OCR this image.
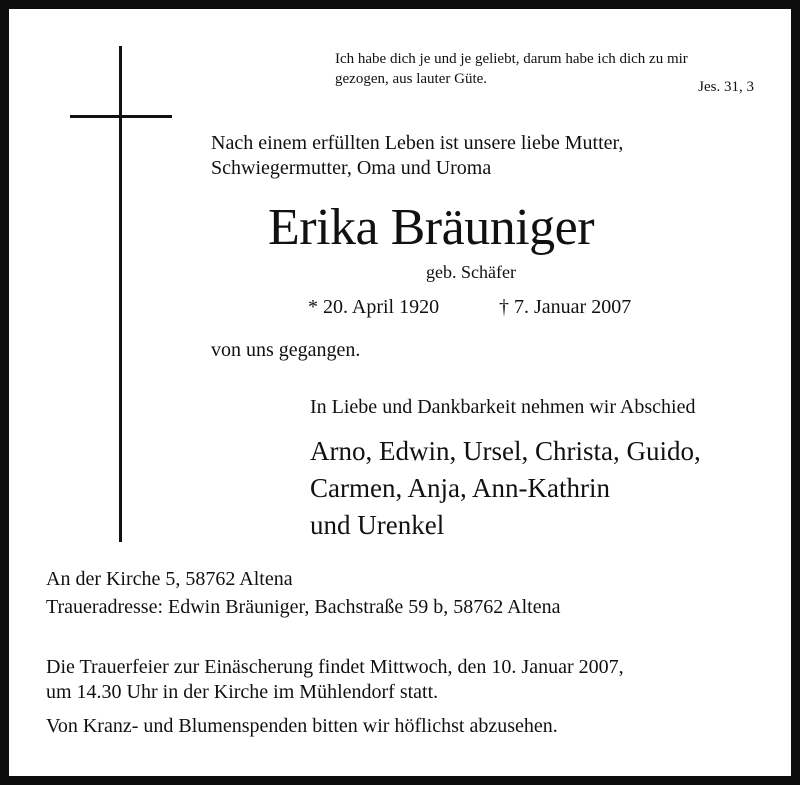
Ich habe dich je und je geliebt, darum habe ich dich zu mir
gezogen, aus lauter Güte.	Jes. 31, 3
Nach einem erfüllten Leben ist unsere liebe Mutter,
Schwiegermutter, Oma und Uroma
Erika Bräuniger
geb. Schäfer
* 20. April 1920	† 7. Januar 2007
von uns gegangen.
In Liebe und Dankbarkeit nehmen wir Abschied
Arno, Edwin, Ursel, Christa, Guido,
Carmen, Anja, Ann-Kathrin
und Urenkel
An der Kirche 5, 58762 Altena
Traueradresse: Edwin Bräuniger, Bachstraße 59 b, 58762 Altena
Die Trauerfeier zur Einäscherung findet Mittwoch, den 10. Januar 2007,
um 14.30 Uhr in der Kirche im Mühlendorf statt.
Von Kranz- und Blumenspenden bitten wir höflichst abzusehen.
